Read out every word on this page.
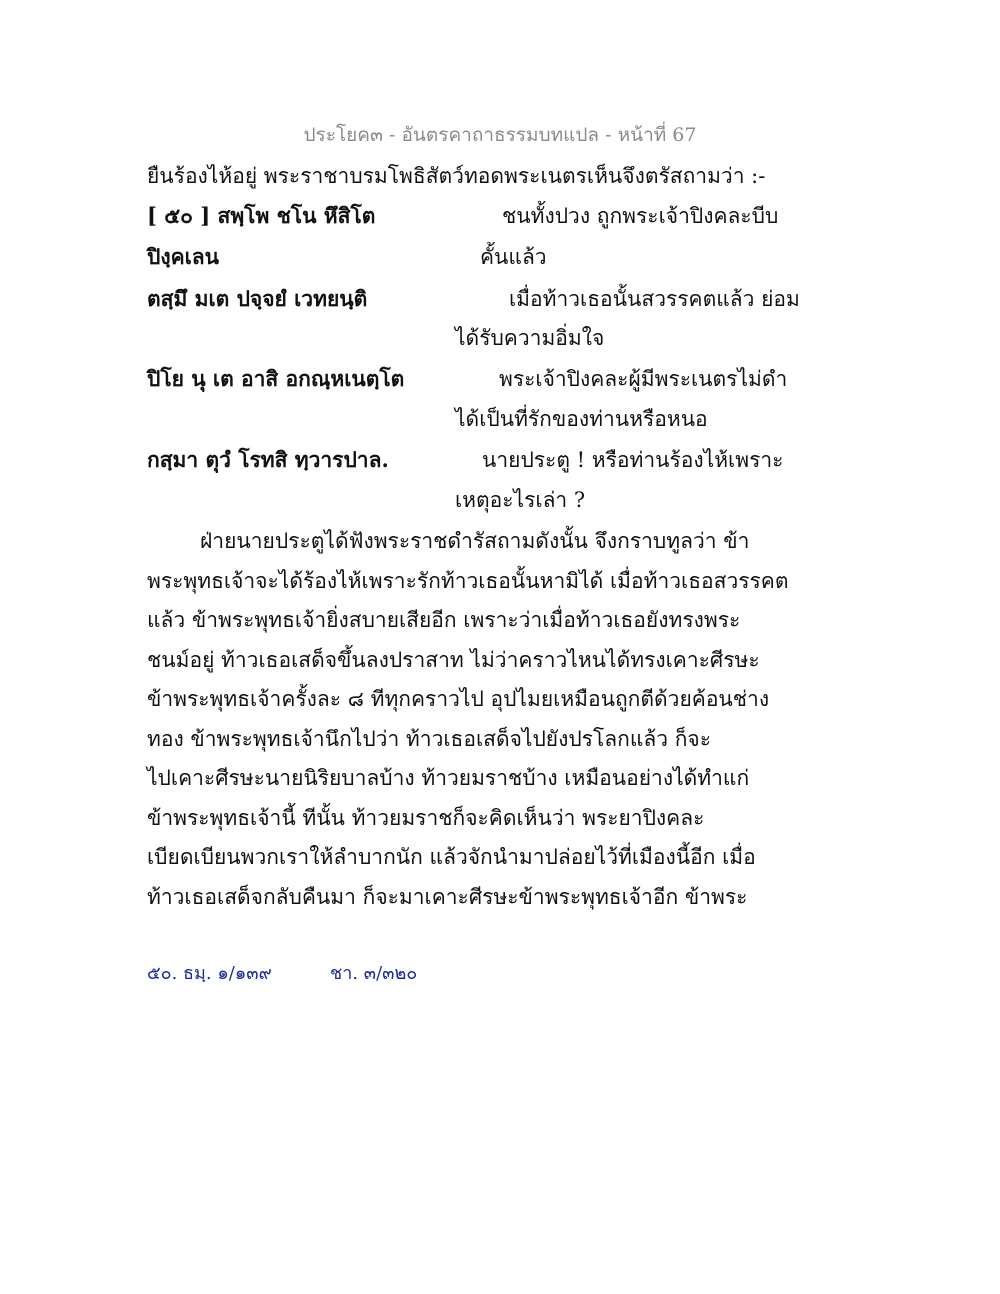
ประโยค๓ - อันตรคาถาธรรมบทแปล - หน้าที่ 67
ยืนร้องไห้อยู่ พระราชาบรมโพธิสัตว์ทอดพระเนตรเห็นจึงตรัสถามว่า :-
[ ๕๐ ] สพฺโพ ชโน หึสิโต	ชนทั้งปวง ถูกพระเจ้าปิงคละบีบ
ปิงฺคเลน	คั้นแล้ว
ตสฺมึ มเต ปจฺจยํ เวทยนฺติ	เมื่อท้าวเธอนั้นสวรรคตแล้ว ย่อม
ได้รับความอิ่มใจ
ปิโย นุ เต อาสิ อกณฺหเนตฺโต	พระเจ้าปิงคละผู้มีพระเนตรไม่ดำ
ได้เป็นที่รักของท่านหรือหนอ
กสฺมา ตุวํ โรทสิ ทฺวารปาล.	นายประตู ! หรือท่านร้องไห้เพราะ
เหตุอะไรเล่า ?
ฝ่ายนายประตูได้ฟังพระราชดำรัสถามดังนั้น จึงกราบทูลว่า ข้า
พระพุทธเจ้าจะได้ร้องไห้เพราะรักท้าวเธอนั้นหามิได้ เมื่อท้าวเธอสวรรคต
แล้ว ข้าพระพุทธเจ้ายิ่งสบายเสียอีก เพราะว่าเมื่อท้าวเธอยังทรงพระ
ชนม์อยู่ ท้าวเธอเสด็จขึ้นลงปราสาท ไม่ว่าคราวไหนได้ทรงเคาะศีรษะ
ข้าพระพุทธเจ้าครั้งละ ๘ ทีทุกคราวไป อุปไมยเหมือนถูกตีด้วยค้อนช่าง
ทอง ข้าพระพุทธเจ้านึกไปว่า ท้าวเธอเสด็จไปยังปรโลกแล้ว ก็จะ
ไปเคาะศีรษะนายนิริยบาลบ้าง ท้าวยมราชบ้าง เหมือนอย่างได้ทำแก่
ข้าพระพุทธเจ้านี้ ทีนั้น ท้าวยมราชก็จะคิดเห็นว่า พระยาปิงคละ
เบียดเบียนพวกเราให้ลำบากนัก แล้วจักนำมาปล่อยไว้ที่เมืองนี้อีก เมื่อ
ท้าวเธอเสด็จกลับคืนมา ก็จะมาเคาะศีรษะข้าพระพุทธเจ้าอีก ข้าพระ
๕๐. ธมฺ. ๑/๑๓๙	ชา. ๓/๓๒๐
